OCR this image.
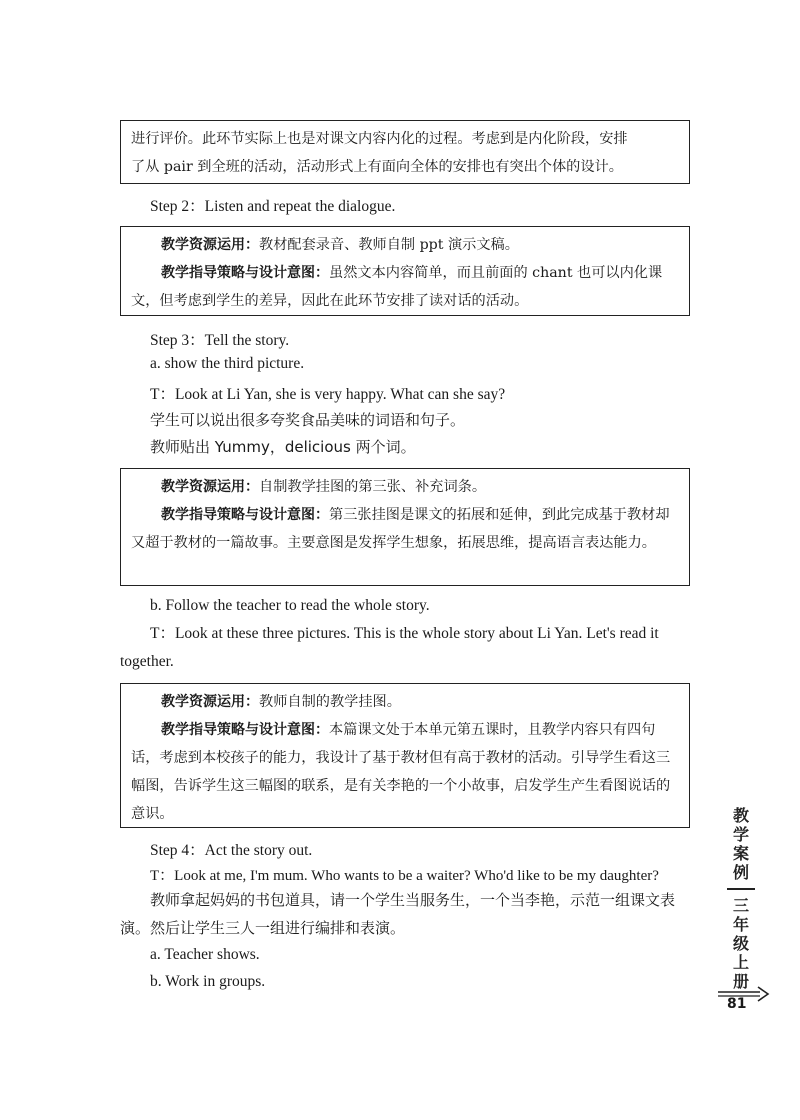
进行评价。此环节实际上也是对课文内容内化的过程。考虑到是内化阶段，安排

了从 pair 到全班的活动，活动形式上有面向全体的安排也有突出个体的设计。

Step 2：Listen and repeat the dialogue.

教学资源运用：教材配套录音、教师自制 ppt 演示文稿。

教学指导策略与设计意图：虽然文本内容简单，而且前面的 chant 也可以内化课文，但考虑到学生的差异，因此在此环节安排了读对话的活动。

Step 3：Tell the story.
a. show the third picture.
T：Look at Li Yan, she is very happy. What can she say?
学生可以说出很多夸奖食品美味的词语和句子。
教师贴出 Yummy，delicious 两个词。

教学资源运用：自制教学挂图的第三张、补充词条。

教学指导策略与设计意图：第三张挂图是课文的拓展和延伸，到此完成基于教材却又超于教材的一篇故事。主要意图是发挥学生想象，拓展思维，提高语言表达能力。

b. Follow the teacher to read the whole story.
T：Look at these three pictures. This is the whole story about Li Yan. Let's read it together.

教学资源运用：教师自制的教学挂图。

教学指导策略与设计意图：本篇课文处于本单元第五课时，且教学内容只有四句话，考虑到本校孩子的能力，我设计了基于教材但有高于教材的活动。引导学生看这三幅图，告诉学生这三幅图的联系，是有关李艳的一个小故事，启发学生产生看图说话的意识。

Step 4：Act the story out.
T：Look at me, I'm mum. Who wants to be a waiter? Who'd like to be my daughter?
教师拿起妈妈的书包道具，请一个学生当服务生，一个当李艳，示范一组课文表演。然后让学生三人一组进行编排和表演。
a. Teacher shows.
b. Work in groups.
教
学
案
例
三
年
级
上
册
81
